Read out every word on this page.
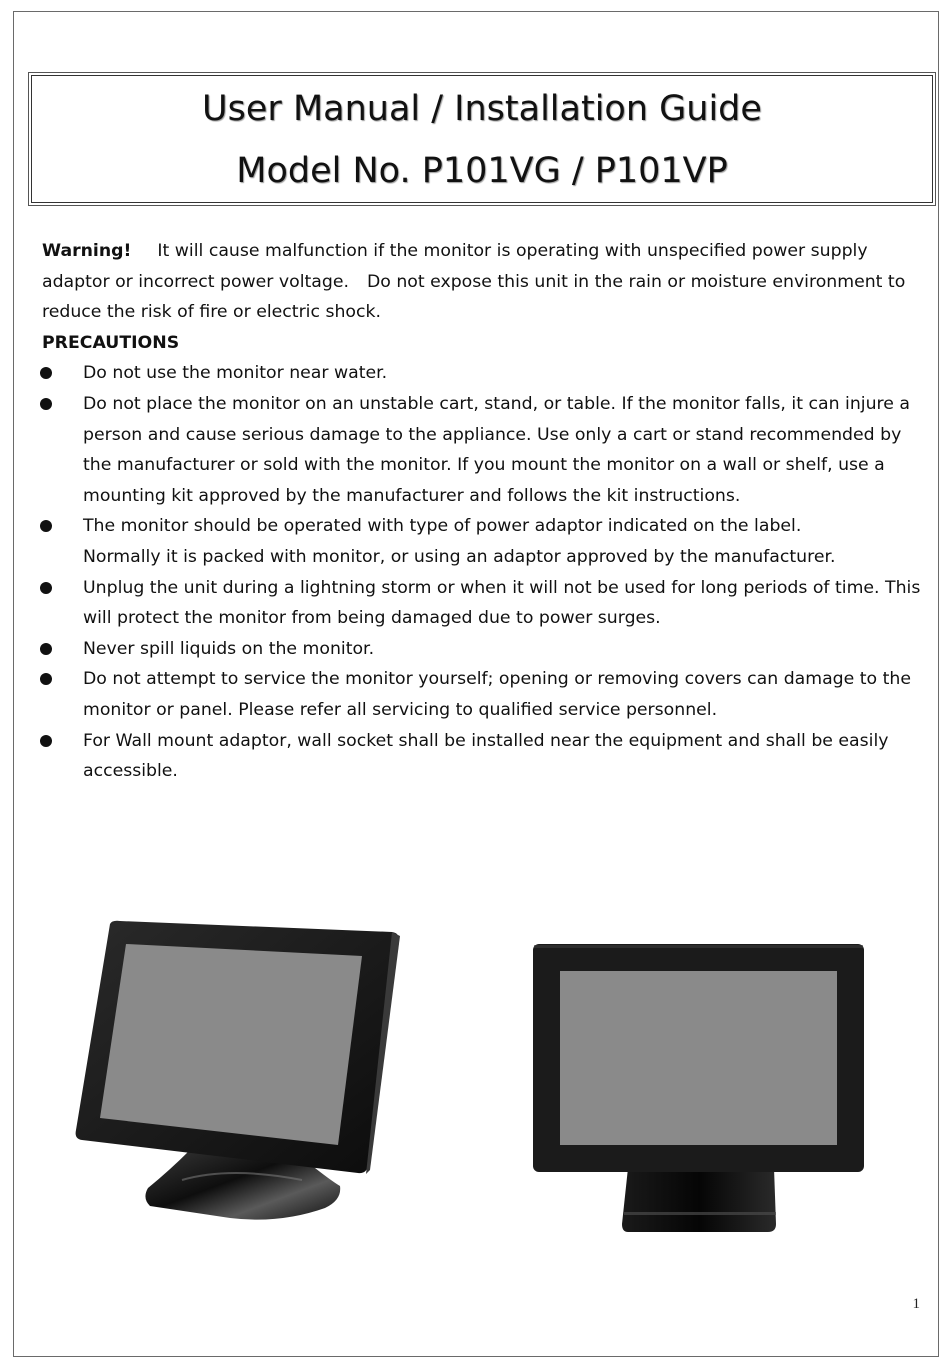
User Manual / Installation Guide
Model No. P101VG / P101VP

Warning! It will cause malfunction if the monitor is operating with unspecified power supply adaptor or incorrect power voltage. Do not expose this unit in the rain or moisture environment to reduce the risk of fire or electric shock.

PRECAUTIONS

Do not use the monitor near water.
Do not place the monitor on an unstable cart, stand, or table. If the monitor falls, it can injure a person and cause serious damage to the appliance. Use only a cart or stand recommended by the manufacturer or sold with the monitor. If you mount the monitor on a wall or shelf, use a mounting kit approved by the manufacturer and follows the kit instructions.
The monitor should be operated with type of power adaptor indicated on the label.
Normally it is packed with monitor, or using an adaptor approved by the manufacturer.
Unplug the unit during a lightning storm or when it will not be used for long periods of time. This will protect the monitor from being damaged due to power surges.
Never spill liquids on the monitor.
Do not attempt to service the monitor yourself; opening or removing covers can damage to the monitor or panel. Please refer all servicing to qualified service personnel.
For Wall mount adaptor, wall socket shall be installed near the equipment and shall be easily accessible.
1
